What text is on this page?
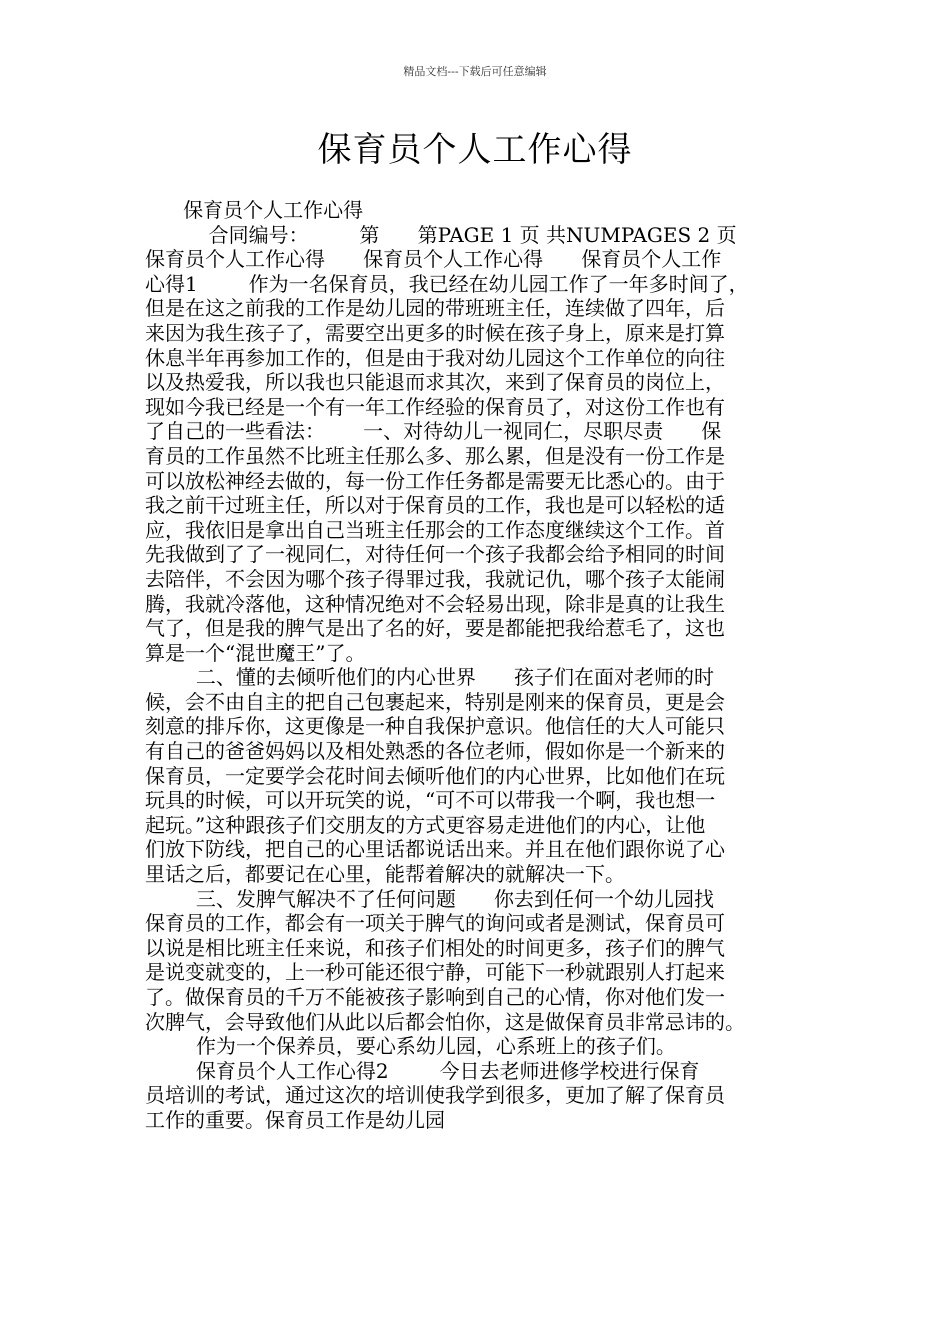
精品文档---下载后可任意编辑
保育员个人工作心得
保育员个人工作心得
合同编号：        第      第PAGE 1 页 共NUMPAGES 2 页
保育员个人工作心得      保育员个人工作心得      保育员个人工作
心得1        作为一名保育员，我已经在幼儿园工作了一年多时间了，
但是在这之前我的工作是幼儿园的带班班主任，连续做了四年，后
来因为我生孩子了，需要空出更多的时候在孩子身上，原来是打算
休息半年再参加工作的，但是由于我对幼儿园这个工作单位的向往
以及热爱我，所以我也只能退而求其次，来到了保育员的岗位上，
现如今我已经是一个有一年工作经验的保育员了，对这份工作也有
了自己的一些看法：      一、对待幼儿一视同仁，尽职尽责      保
育员的工作虽然不比班主任那么多、那么累，但是没有一份工作是
可以放松神经去做的，每一份工作任务都是需要无比悉心的。由于
我之前干过班主任，所以对于保育员的工作，我也是可以轻松的适
应，我依旧是拿出自己当班主任那会的工作态度继续这个工作。首
先我做到了了一视同仁，对待任何一个孩子我都会给予相同的时间
去陪伴，不会因为哪个孩子得罪过我，我就记仇，哪个孩子太能闹
腾，我就冷落他，这种情况绝对不会轻易出现，除非是真的让我生
气了，但是我的脾气是出了名的好，要是都能把我给惹毛了，这也
算是一个“混世魔王”了。
二、懂的去倾听他们的内心世界      孩子们在面对老师的时
候，会不由自主的把自己包裹起来，特别是刚来的保育员，更是会
刻意的排斥你，这更像是一种自我保护意识。他信任的大人可能只
有自己的爸爸妈妈以及相处熟悉的各位老师，假如你是一个新来的
保育员，一定要学会花时间去倾听他们的内心世界，比如他们在玩
玩具的时候，可以开玩笑的说，“可不可以带我一个啊，我也想一
起玩。”这种跟孩子们交朋友的方式更容易走进他们的内心，让他
们放下防线，把自己的心里话都说话出来。并且在他们跟你说了心
里话之后，都要记在心里，能帮着解决的就解决一下。
三、发脾气解决不了任何问题      你去到任何一个幼儿园找
保育员的工作，都会有一项关于脾气的询问或者是测试，保育员可
以说是相比班主任来说，和孩子们相处的时间更多，孩子们的脾气
是说变就变的，上一秒可能还很宁静，可能下一秒就跟别人打起来
了。做保育员的千万不能被孩子影响到自己的心情，你对他们发一
次脾气，会导致他们从此以后都会怕你，这是做保育员非常忌讳的。
作为一个保养员，要心系幼儿园，心系班上的孩子们。
保育员个人工作心得2        今日去老师进修学校进行保育
员培训的考试，通过这次的培训使我学到很多，更加了解了保育员
工作的重要。保育员工作是幼儿园
